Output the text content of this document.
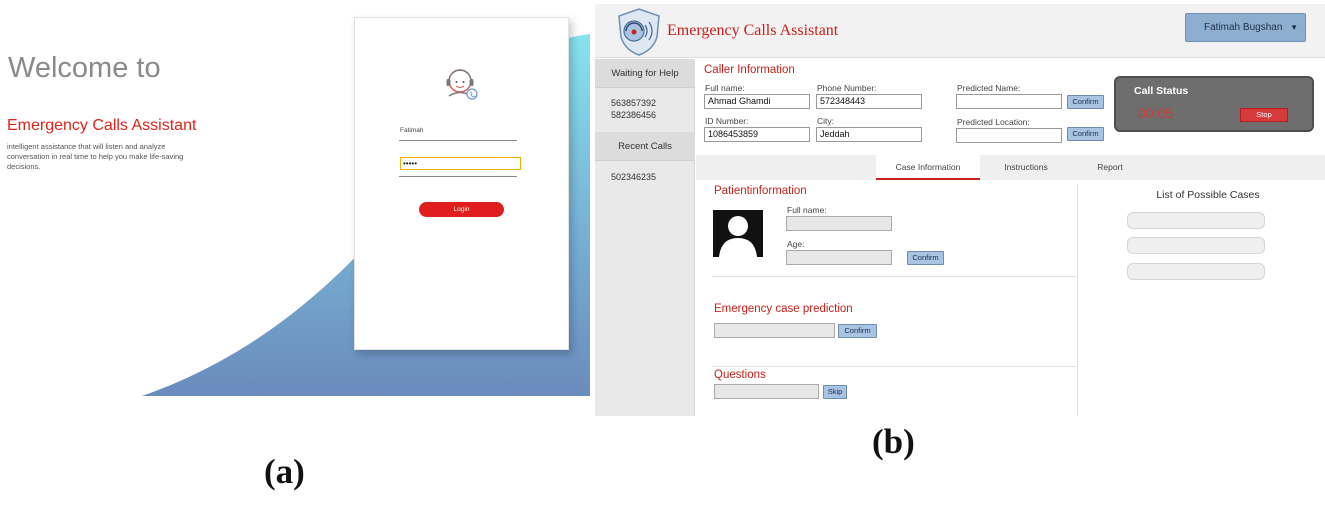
Welcome to
Emergency Calls Assistant
intelligent assistance that will listen and analyze conversation in real time to help you make life-saving decisions.
Fatimah
•••••
Login
(a)
Emergency Calls Assistant	Fatimah Bugshan ▼
Waiting for Help
563857392
582386456
Recent Calls
502346235
Caller Information
Full name:
Ahmad Ghamdi
Phone Number:
572348443
ID Number:
1086453859
City:
Jeddah
Predicted Name:
Confirm
Predicted Location:
Confirm
Call Status
00:05	Stop
Case Information	Instructions	Report
Patientinformation
Full name:
Age:
Confirm
Emergency case prediction
Confirm
Questions
Skip
List of Possible Cases
(b)
